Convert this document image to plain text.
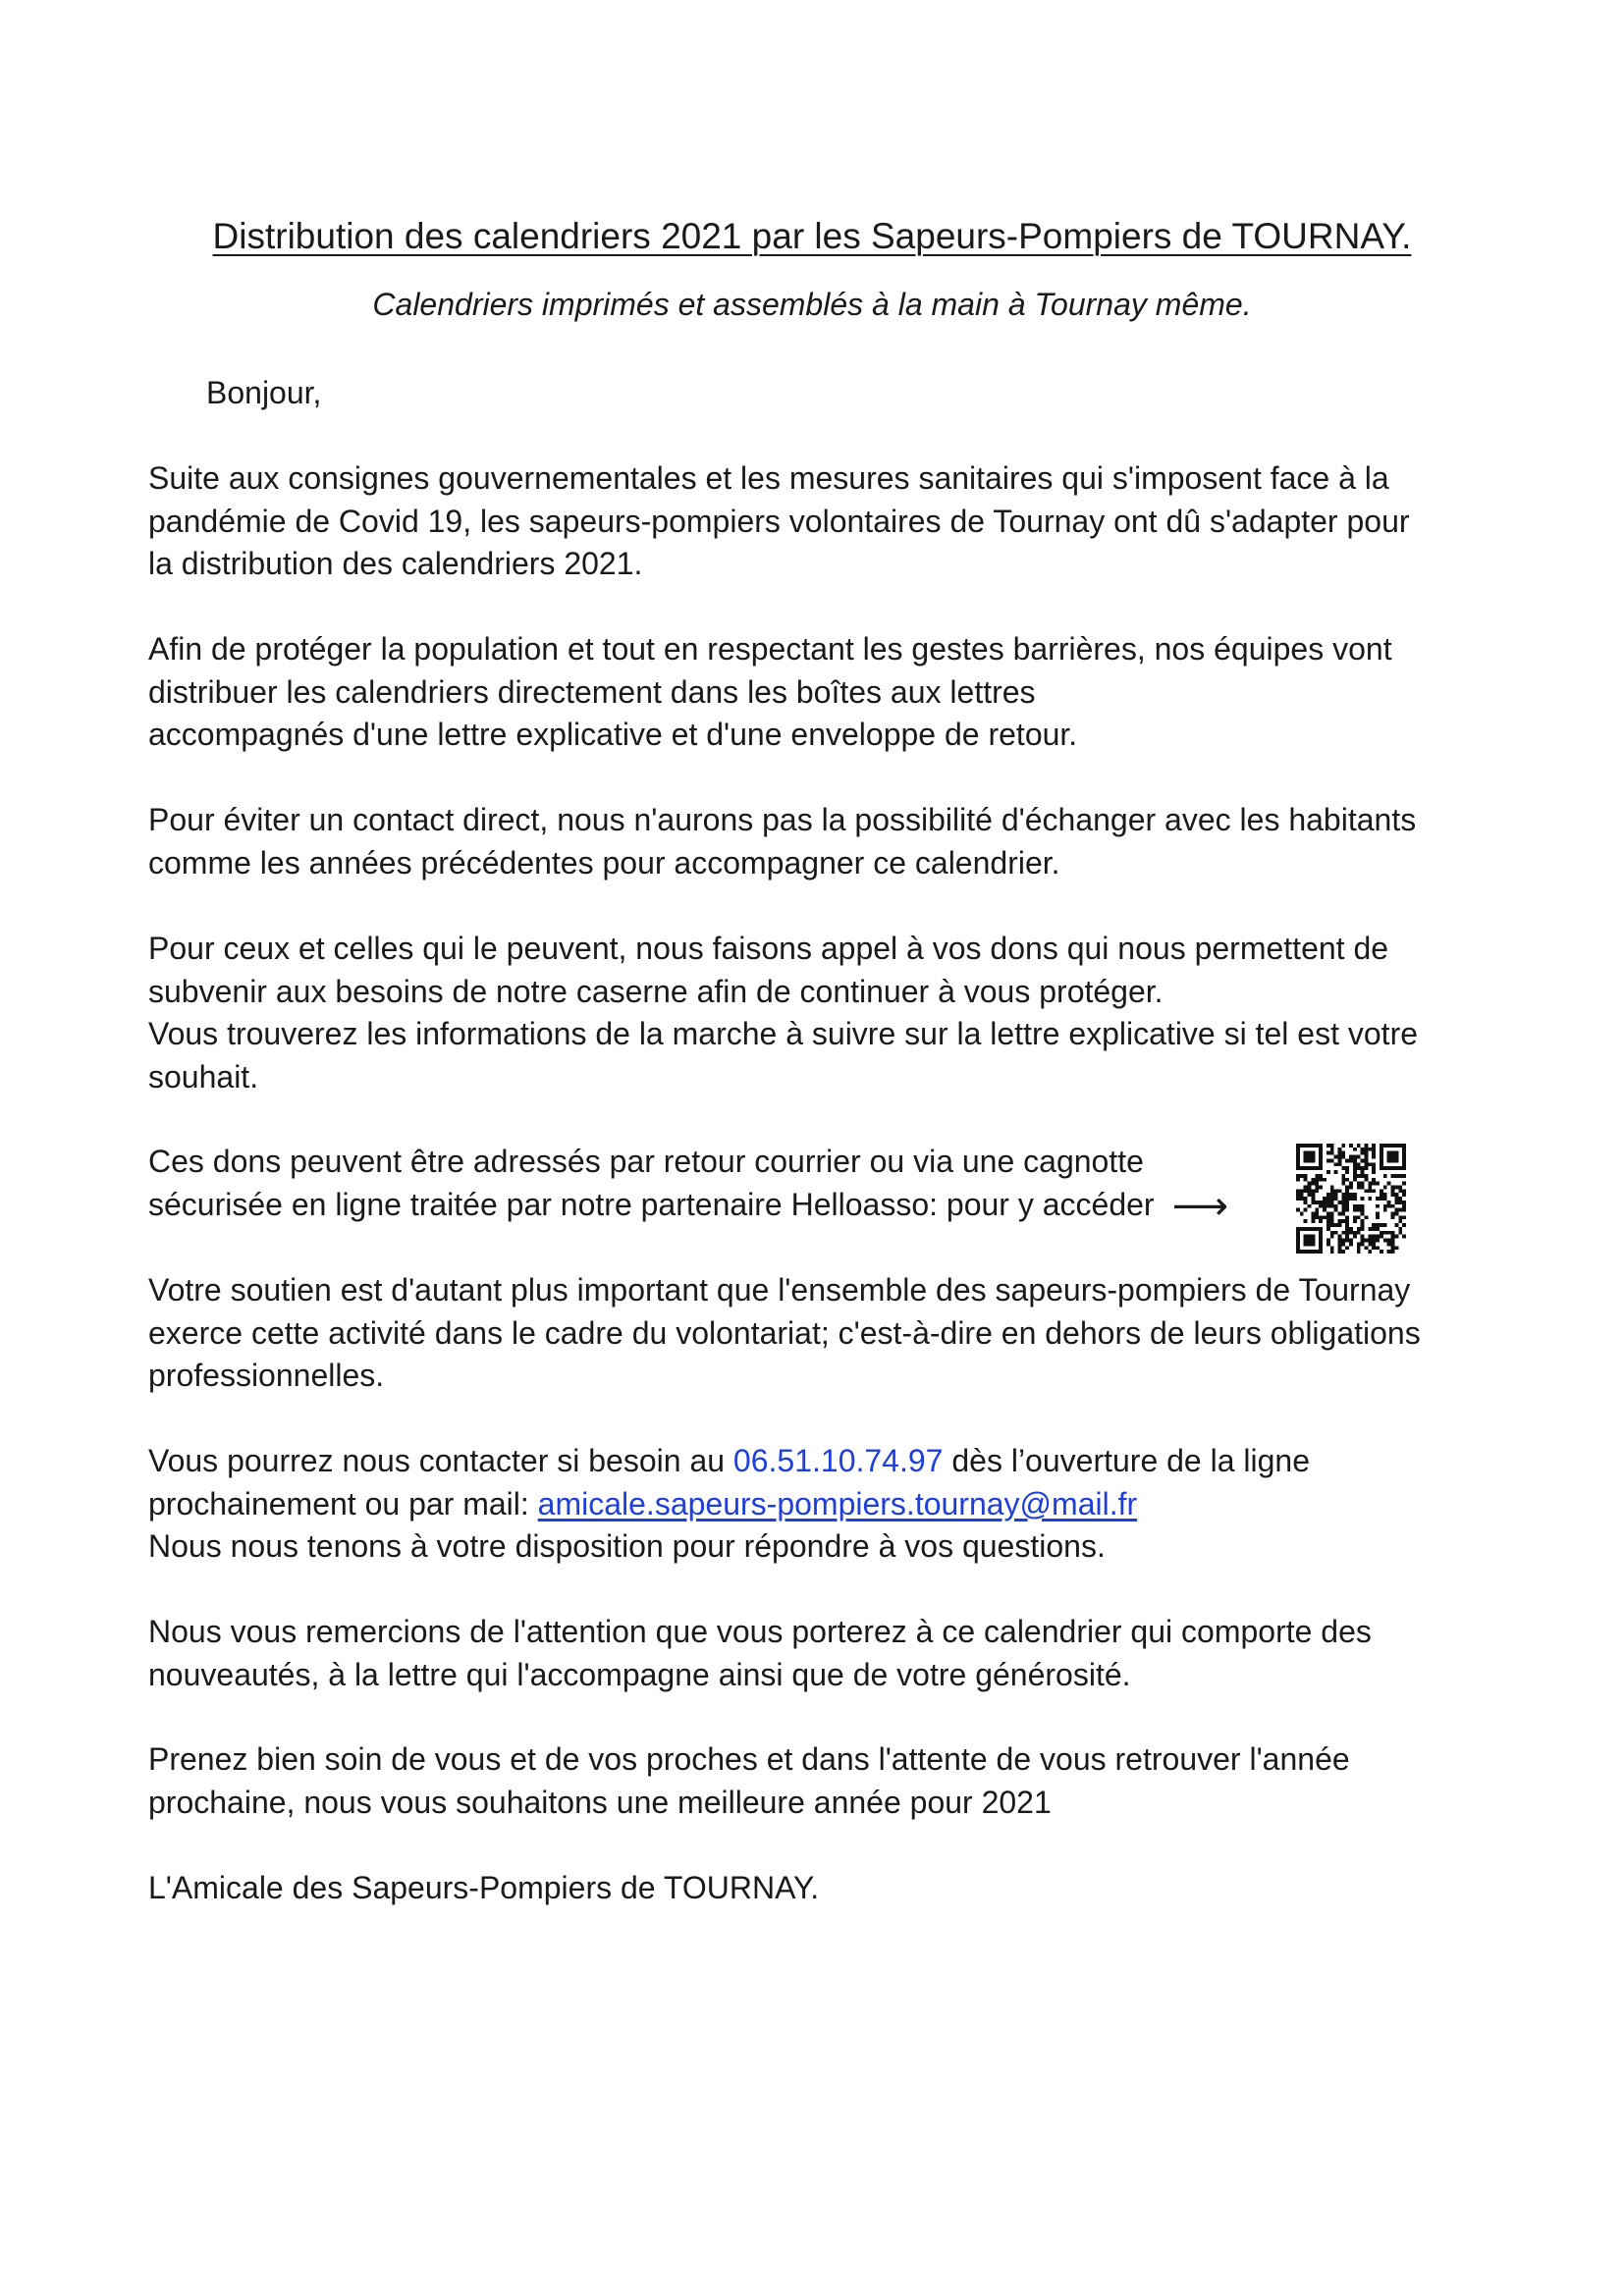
Distribution des calendriers 2021 par les Sapeurs-Pompiers de TOURNAY.
Calendriers imprimés et assemblés à la main à Tournay même.
Bonjour,

Suite aux consignes gouvernementales et les mesures sanitaires qui s'imposent face à la
pandémie de Covid 19, les sapeurs-pompiers volontaires de Tournay ont dû s'adapter pour
la distribution des calendriers 2021.

Afin de protéger la population et tout en respectant les gestes barrières, nos équipes vont
distribuer les calendriers directement dans les boîtes aux lettres
accompagnés d'une lettre explicative et d'une enveloppe de retour.

Pour éviter un contact direct, nous n'aurons pas la possibilité d'échanger avec les habitants
comme les années précédentes pour accompagner ce calendrier.

Pour ceux et celles qui le peuvent, nous faisons appel à vos dons qui nous permettent de
subvenir aux besoins de notre caserne afin de continuer à vous protéger.
Vous trouverez les informations de la marche à suivre sur la lettre explicative si tel est votre
souhait.

Ces dons peuvent être adressés par retour courrier ou via une cagnotte
sécurisée en ligne traitée par notre partenaire Helloasso: pour y accéder ⟶

Votre soutien est d'autant plus important que l'ensemble des sapeurs-pompiers de Tournay
exerce cette activité dans le cadre du volontariat; c'est-à-dire en dehors de leurs obligations
professionnelles.

Vous pourrez nous contacter si besoin au 06.51.10.74.97 dès l’ouverture de la ligne
prochainement ou par mail: amicale.sapeurs-pompiers.tournay@mail.fr
Nous nous tenons à votre disposition pour répondre à vos questions.

Nous vous remercions de l'attention que vous porterez à ce calendrier qui comporte des
nouveautés, à la lettre qui l'accompagne ainsi que de votre générosité.

Prenez bien soin de vous et de vos proches et dans l'attente de vous retrouver l'année
prochaine, nous vous souhaitons une meilleure année pour 2021

L'Amicale des Sapeurs-Pompiers de TOURNAY.
